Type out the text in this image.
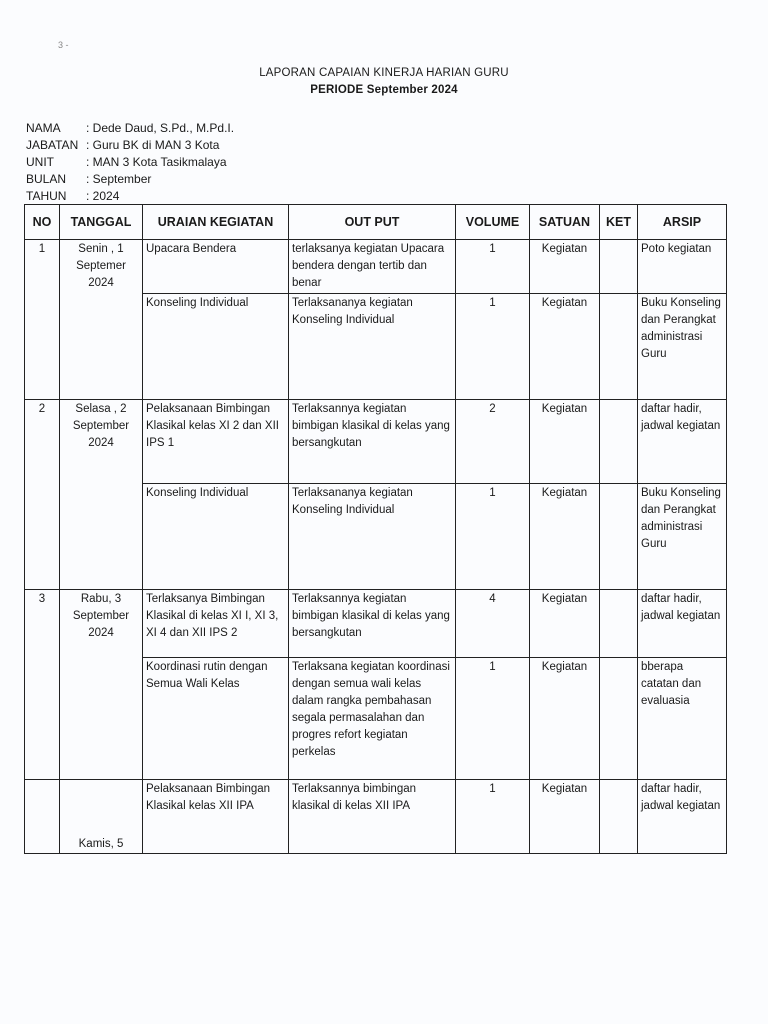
3 -
LAPORAN CAPAIAN KINERJA HARIAN GURU
PERIODE September 2024
NAMA : Dede Daud, S.Pd., M.Pd.I.
JABATAN : Guru BK di MAN 3 Kota
UNIT	: MAN 3 Kota Tasikmalaya
BULAN : September
TAHUN : 2024
NO	TANGGAL	URAIAN KEGIATAN	OUT PUT	VOLUME	SATUAN	KET	ARSIP
1	Senin , 1 Septemer 2024	Upacara Bendera	terlaksanya kegiatan Upacara bendera dengan tertib dan benar	1	Kegiatan		Poto kegiatan
		Konseling Individual	Terlaksananya kegiatan Konseling Individual	1	Kegiatan		Buku Konseling dan Perangkat administrasi Guru
2	Selasa , 2 September 2024	Pelaksanaan Bimbingan Klasikal kelas XI 2 dan XII IPS 1	Terlaksannya kegiatan bimbigan klasikal di kelas yang bersangkutan	2	Kegiatan		daftar hadir, jadwal kegiatan
		Konseling Individual	Terlaksananya kegiatan Konseling Individual	1	Kegiatan		Buku Konseling dan Perangkat administrasi Guru
3	Rabu, 3 September 2024	Terlaksanya Bimbingan Klasikal di kelas XI I, XI 3, XI 4 dan XII IPS 2	Terlaksannya kegiatan bimbigan klasikal di kelas yang bersangkutan	4	Kegiatan		daftar hadir, jadwal kegiatan
		Koordinasi rutin dengan Semua Wali Kelas	Terlaksana kegiatan koordinasi dengan semua wali kelas dalam rangka pembahasan segala permasalahan dan progres refort kegiatan perkelas	1	Kegiatan		bberapa catatan dan evaluasia
	Kamis, 5	Pelaksanaan Bimbingan Klasikal kelas XII IPA	Terlaksannya bimbingan klasikal di kelas XII IPA	1	Kegiatan		daftar hadir, jadwal kegiatan
